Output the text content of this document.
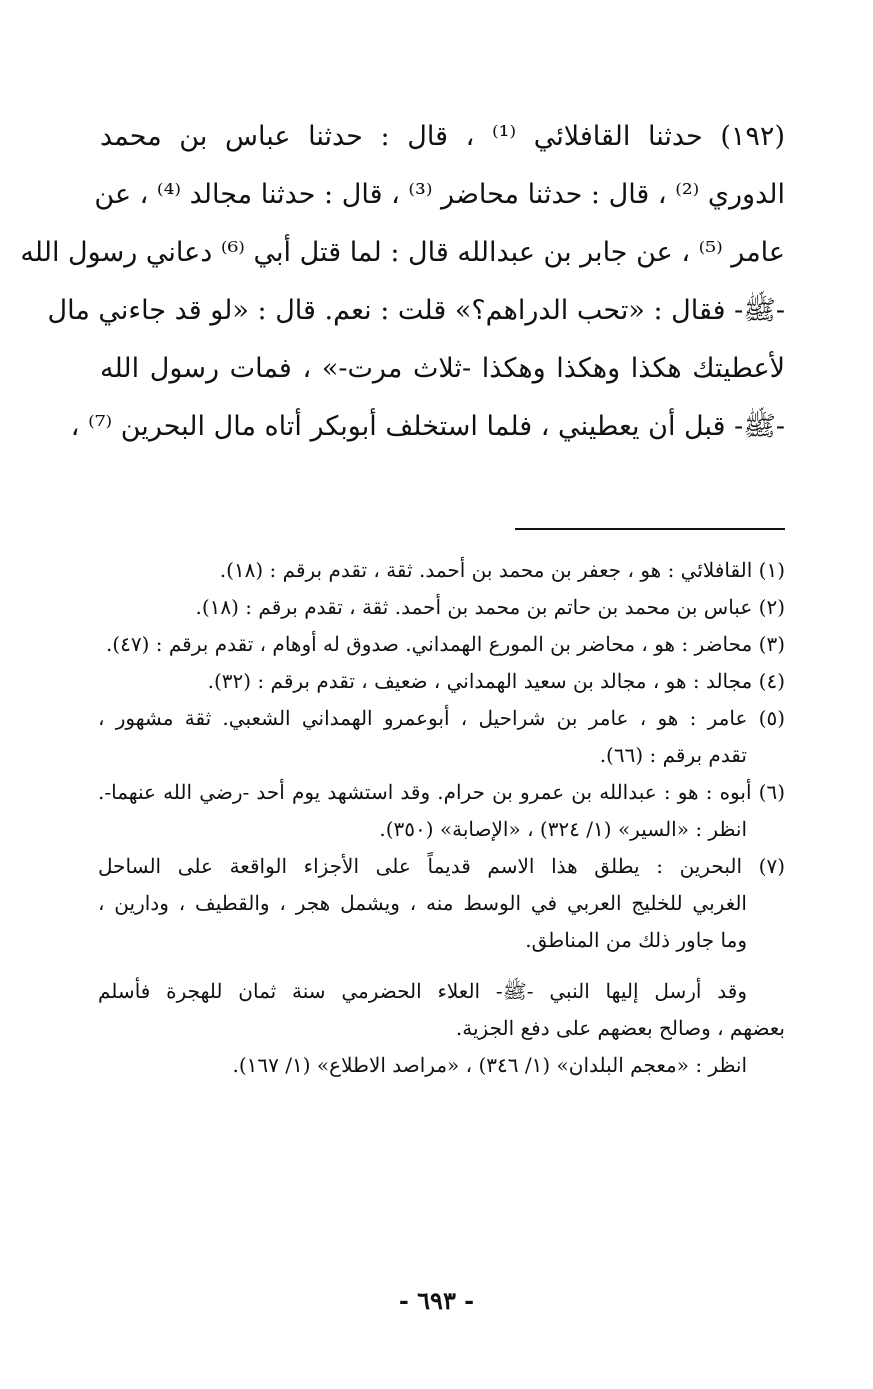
(١٩٢) حدثنا القافلائي ⁽¹⁾ ، قال : حدثنا عباس بن محمد
الدوري ⁽²⁾ ، قال : حدثنا محاضر ⁽³⁾ ، قال : حدثنا مجالد ⁽⁴⁾ ، عن
عامر ⁽⁵⁾ ، عن جابر بن عبدالله قال : لما قتل أبي ⁽⁶⁾ دعاني رسول الله
-ﷺ- فقال : «تحب الدراهم؟» قلت : نعم. قال : «لو قد جاءني مال
لأعطيتك هكذا وهكذا وهكذا -ثلاث مرت-» ، فمات رسول الله
-ﷺ- قبل أن يعطيني ، فلما استخلف أبوبكر أتاه مال البحرين ⁽⁷⁾ ،
(١) القافلائي : هو ، جعفر بن محمد بن أحمد. ثقة ، تقدم برقم : (١٨).
(٢) عباس بن محمد بن حاتم بن محمد بن أحمد. ثقة ، تقدم برقم : (١٨).
(٣) محاضر : هو ، محاضر بن المورع الهمداني. صدوق له أوهام ، تقدم برقم : (٤٧).
(٤) مجالد : هو ، مجالد بن سعيد الهمداني ، ضعيف ، تقدم برقم : (٣٢).
(٥) عامر : هو ، عامر بن شراحيل ، أبوعمرو الهمداني الشعبي. ثقة مشهور ،
تقدم برقم : (٦٦).
(٦) أبوه : هو : عبدالله بن عمرو بن حرام. وقد استشهد يوم أحد -رضي الله عنهما-.
انظر : «السير» (١/ ٣٢٤) ، «الإصابة» (٣٥٠).
(٧) البحرين : يطلق هذا الاسم قديماً على الأجزاء الواقعة على الساحل
الغربي للخليج العربي في الوسط منه ، ويشمل هجر ، والقطيف ، ودارين ،
وما جاور ذلك من المناطق.
وقد أرسل إليها النبي -ﷺ- العلاء الحضرمي سنة ثمان للهجرة فأسلم
بعضهم ، وصالح بعضهم على دفع الجزية.
انظر : «معجم البلدان» (١/ ٣٤٦) ، «مراصد الاطلاع» (١/ ١٦٧).
- ٦٩٣ -
